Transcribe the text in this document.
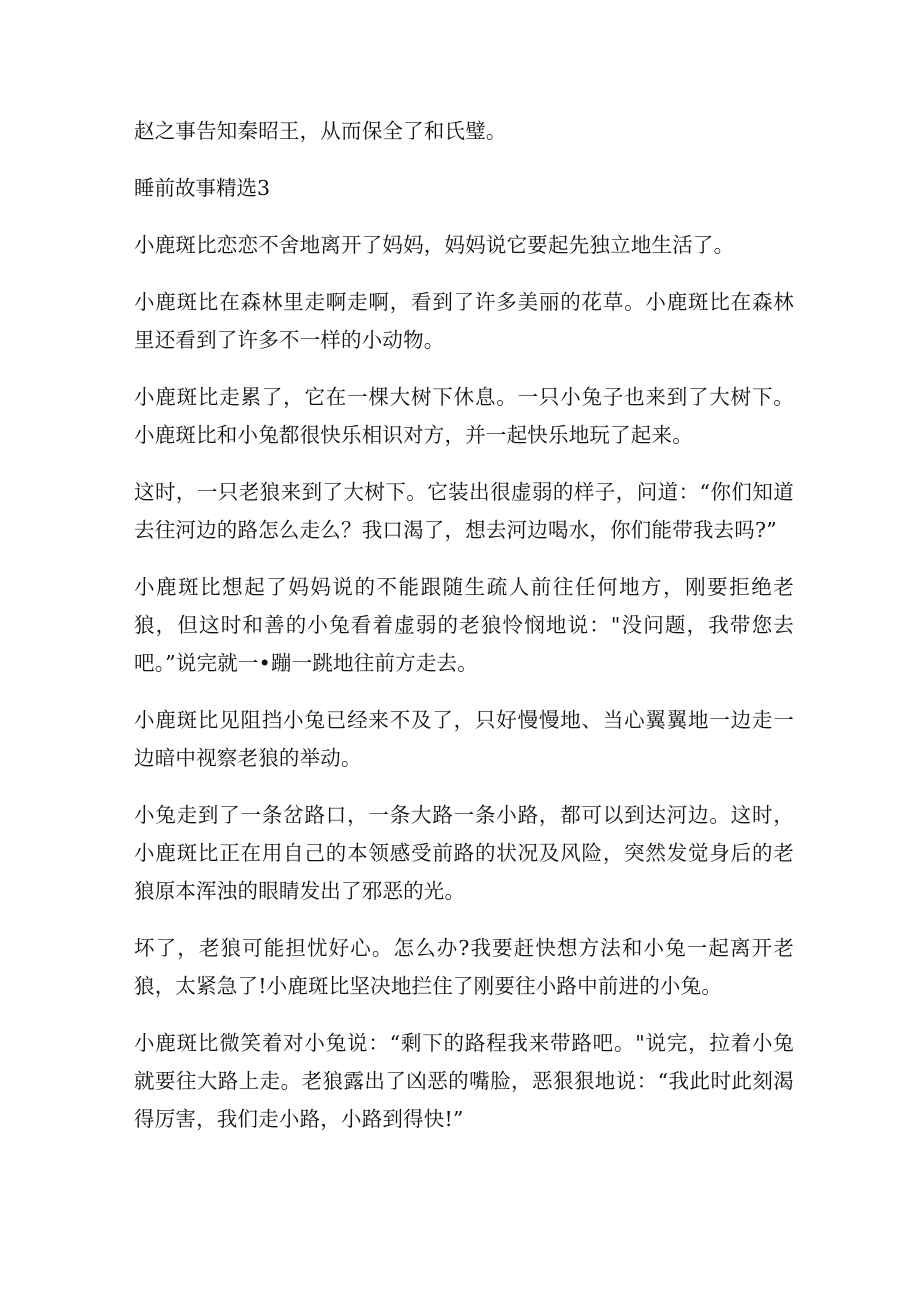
赵之事告知秦昭王，从而保全了和氏璧。

睡前故事精选3

小鹿斑比恋恋不舍地离开了妈妈，妈妈说它要起先独立地生活了。

小鹿斑比在森林里走啊走啊，看到了许多美丽的花草。小鹿斑比在森林里还看到了许多不一样的小动物。

小鹿斑比走累了，它在一棵大树下休息。一只小兔子也来到了大树下。小鹿斑比和小兔都很快乐相识对方，并一起快乐地玩了起来。

这时，一只老狼来到了大树下。它装出很虚弱的样子，问道：“你们知道去往河边的路怎么走么？我口渴了，想去河边喝水，你们能带我去吗?”

小鹿斑比想起了妈妈说的不能跟随生疏人前往任何地方，刚要拒绝老狼，但这时和善的小兔看着虚弱的老狼怜悯地说："没问题，我带您去吧。”说完就一•蹦一跳地往前方走去。

小鹿斑比见阻挡小兔已经来不及了，只好慢慢地、当心翼翼地一边走一边暗中视察老狼的举动。

小兔走到了一条岔路口，一条大路一条小路，都可以到达河边。这时，小鹿斑比正在用自己的本领感受前路的状况及风险，突然发觉身后的老狼原本浑浊的眼睛发出了邪恶的光。

坏了，老狼可能担忧好心。怎么办?我要赶快想方法和小兔一起离开老狼，太紧急了!小鹿斑比坚决地拦住了刚要往小路中前进的小兔。

小鹿斑比微笑着对小兔说：“剩下的路程我来带路吧。"说完，拉着小兔就要往大路上走。老狼露出了凶恶的嘴脸，恶狠狠地说：“我此时此刻渴得厉害，我们走小路，小路到得快!”
